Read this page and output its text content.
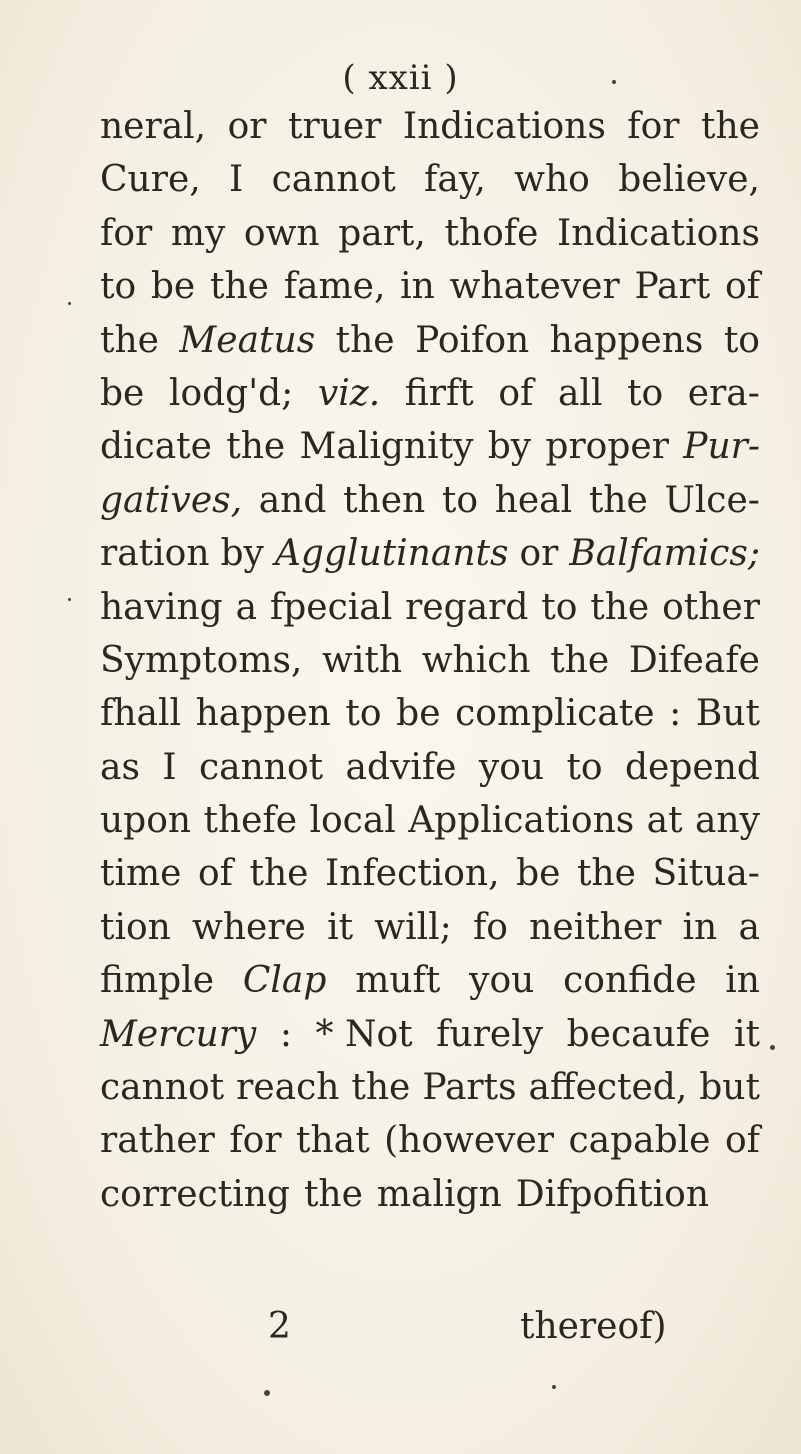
( xxii )
neral, or truer Indications for the
Cure, I cannot fay, who believe,
for my own part, thofe Indications
to be the fame, in whatever Part of
the Meatus the Poifon happens to
be lodg'd; viz. firft of all to era-
dicate the Malignity by proper Pur-
gatives, and then to heal the Ulce-
ration by Agglutinants or Balfamics;
having a fpecial regard to the other
Symptoms, with which the Difeafe
fhall happen to be complicate : But
as I cannot advife you to depend
upon thefe local Applications at any
time of the Infection, be the Situa-
tion where it will; fo neither in a
fimple Clap muft you confide in
Mercury : * Not furely becaufe it
cannot reach the Parts affected, but
rather for that (however capable of
correcting the malign Difpofition
2	thereof)
